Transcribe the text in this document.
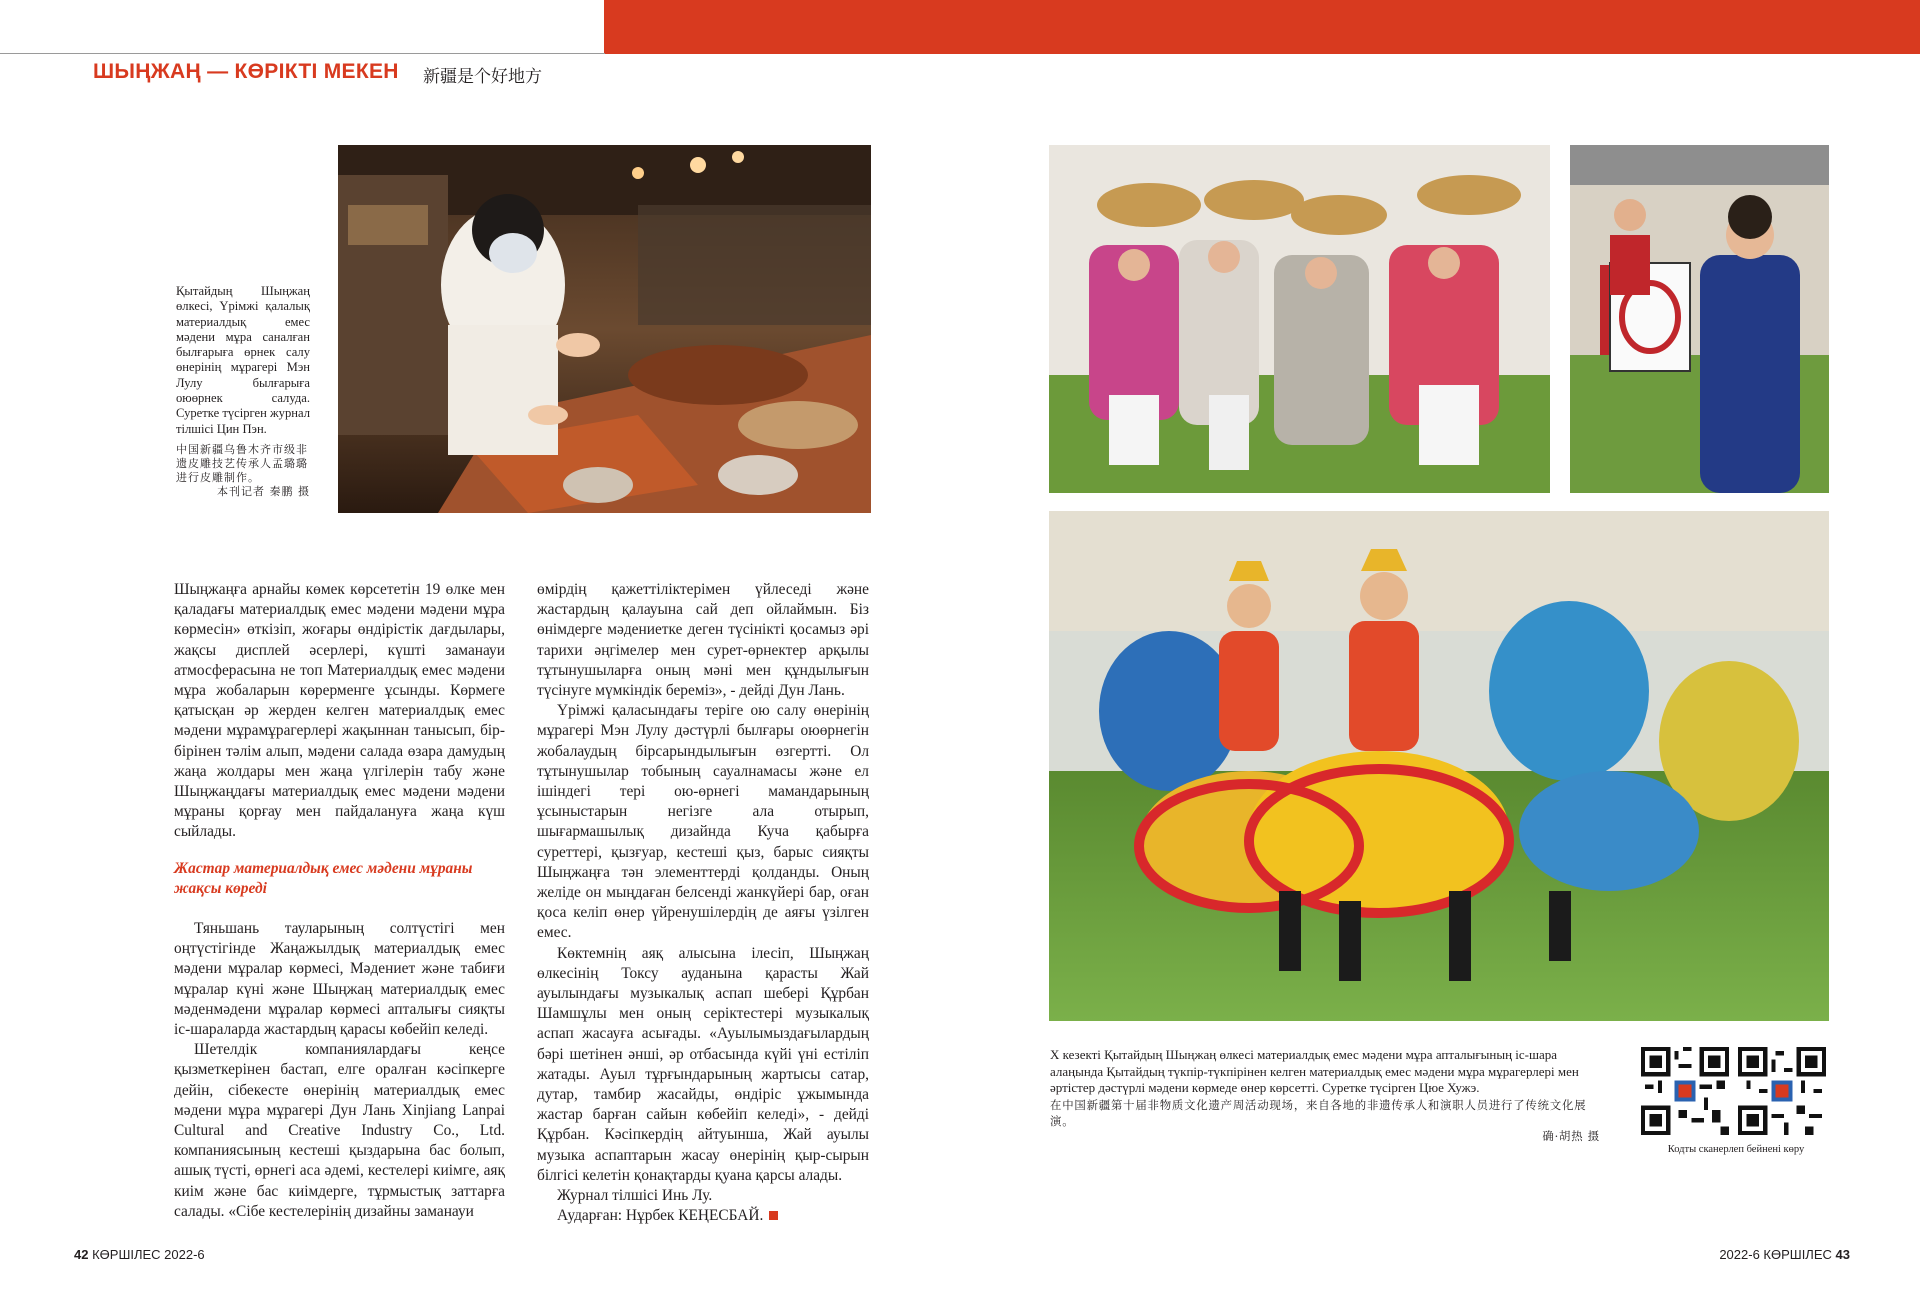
ШЫҢЖАҢ — КӨРІКТІ МЕКЕН 新疆是个好地方
Қытайдың Шыңжаң өлкесі, Үрімжі қалалық материалдық емес мәдени мұра саналған былғарыға өрнек салу өнерінің мұрагері Мэн Лулу былғарыға оюөрнек салуда. Суретке түсірген журнал тілшісі Цин Пэн.
中国新疆乌鲁木齐市级非遗皮雕技艺传承人孟璐璐进行皮雕制作。
本刊记者 秦鹏 摄

Шыңжаңға арнайы көмек көрсететін 19 өлке мен қаладағы материалдық емес мәдени мәдени мұра көрмесін» өткізіп, жоғары өндірістік дағдылары, жақсы дисплей әсерлері, күшті заманауи атмосферасына не топ Материалдық емес мәдени мұра жобаларын көрерменге ұсынды. Көрмеге қатысқан әр жерден келген материалдық емес мәдени мұрамұрагерлері жақыннан танысып, бір-бірінен тәлім алып, мәдени салада өзара дамудың жаңа жолдары мен жаңа үлгілерін табу және Шыңжаңдағы материалдық емес мәдени мәдени мұраны қорғау мен пайдалануға жаңа күш сыйлады.

Жастар материалдық емес мәдени мұраны жақсы көреді

Тяньшань тауларының солтүстігі мен оңтүстігінде Жаңажылдық материалдық емес мәдени мұралар көрмесі, Мәдениет және табиғи мұралар күні және Шыңжаң материалдық емес мәденмәдени мұралар көрмесі апталығы сияқты іс-шараларда жастардың қарасы көбейіп келеді.

Шетелдік компаниялардағы кеңсе қызметкерінен бастап, елге оралған кәсіпкерге дейін, сібекесте өнерінің материалдық емес мәдени мұра мұрагері Дун Лань Xinjiang Lanpai Cultural and Creative Industry Co., Ltd. компаниясының кестеші қыздарына бас болып, ашық түсті, өрнегі аса әдемі, кестелері киімге, аяқ киім және бас киімдерге, тұрмыстық заттарға салады. «Сібе кестелерінің дизайны заманауи

өмірдің қажеттіліктерімен үйлеседі және жастардың қалауына сай деп ойлаймын. Біз өнімдерге мәдениетке деген түсінікті қосамыз әрі тарихи әңгімелер мен сурет-өрнектер арқылы тұтынушыларға оның мәні мен құндылығын түсінуге мүмкіндік береміз», - дейді Дун Лань.

Үрімжі қаласындағы теріге ою салу өнерінің мұрагері Мэн Лулу дәстүрлі былғары оюөрнегін жобалаудың бірсарындылығын өзгертті. Ол тұтынушылар тобының сауалнамасы және ел ішіндегі тері ою-өрнегі мамандарының ұсыныстарын негізге ала отырып, шығармашылық дизайнда Куча қабырға суреттері, қызғуар, кестеші қыз, барыс сияқты Шыңжаңға тән элементтерді қолданды. Оның желіде он мыңдаған белсенді жанкүйері бар, оған қоса келіп өнер үйренушілердің де аяғы үзілген емес.

Көктемнің аяқ алысына ілесіп, Шыңжаң өлкесінің Токсу ауданына қарасты Жай ауылындағы музыкалық аспап шебері Құрбан Шамшұлы мен оның серіктестері музыкалық аспап жасауға асығады. «Ауылымыздағылардың бәрі шетінен әнші, әр отбасында күйі үні естіліп жатады. Ауыл тұрғындарының жартысы сатар, дутар, тамбир жасайды, өндіріс ұжымында жастар барған сайын көбейіп келеді», - дейді Құрбан. Кәсіпкердің айтуынша, Жай ауылы музыка аспаптарын жасау өнерінің қыр-сырын білгісі келетін қонақтарды қуана қарсы алады.

Журнал тілшісі Инь Лу.

Аударған: Нұрбек КЕҢЕСБАЙ.

Х кезекті Қытайдың Шыңжаң өлкесі материалдық емес мәдени мұра апталығының іс-шара алаңында Қытайдың түкпір-түкпірінен келген материалдық емес мәдени мұра мұрагерлері мен әртістер дәстүрлі мәдени көрмеде өнер көрсетті. Суретке түсірген Цюе Хужэ.
在中国新疆第十届非物质文化遗产周活动现场，来自各地的非遗传承人和演职人员进行了传统文化展演。
确·胡热 摄
Кодты сканерлеп бейнені көру
42 КӨРШІЛЕС 2022-6	2022-6 КӨРШІЛЕС 43
